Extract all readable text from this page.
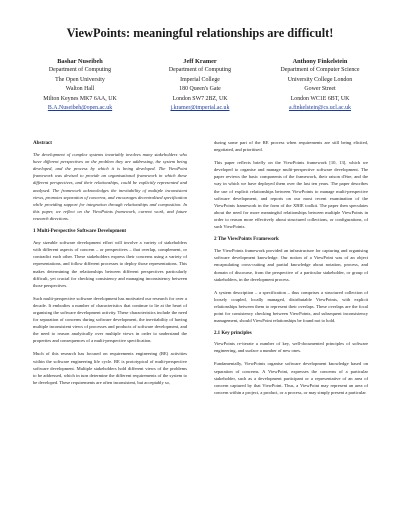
ViewPoints: meaningful relationships are difficult!
Bashar Nuseibeh
Department of Computing
The Open University
Walton Hall
Milton Keynes MK7 6AA, UK
B.A.Nuseibeh@open.ac.uk
Jeff Kramer
Department of Computing
Imperial College
180 Queen's Gate
London SW7 2BZ, UK
j.kramer@imperial.ac.uk
Anthony Finkelstein
Department of Computer Science
University College London
Gower Street
London WC1E 6BT, UK
a.finkelstein@cs.ucl.ac.uk
Abstract

The development of complex systems invariably involves many stakeholders who have different perspectives on the problem they are addressing, the system being developed, and the process by which it is being developed. The ViewPoint framework was devised to provide an organisational framework in which these different perspectives, and their relationships, could be explicitly represented and analysed. The framework acknowledges the inevitability of multiple inconsistent views, promotes separation of concerns, and encourages decentralised specification while providing support for integration through relationships and composition. In this paper, we reflect on the ViewPoints framework, current work, and future research directions.

1 Multi-Perspective Software Development

Any sizeable software development effort will involve a variety of stakeholders with different aspects of concern – or perspectives – that overlap, complement, or contradict each other. These stakeholders express their concerns using a variety of representations, and follow different processes to deploy those representations. This makes determining the relationships between different perspectives particularly difficult, yet crucial for checking consistency and managing inconsistency between those perspectives.

Such multi-perspective software development has motivated our research for over a decade. It embodies a number of characteristics that continue to lie at the heart of organising the software development activity. These characteristics include the need for separation of concerns during software development, the inevitability of having multiple inconsistent views of processes and products of software development, and the need to reason analytically over multiple views in order to understand the properties and consequences of a multi-perspective specification.

Much of this research has focused on requirements engineering (RE) activities within the software engineering life cycle. RE is prototypical of multi-perspective software development. Multiple stakeholders hold different views of the problems to be addressed, which in turn determine the different requirements of the system to be developed. These requirements are often inconsistent, but acceptably so,

during some part of the RE process when requirements are still being elicited, negotiated, and prioritised.

This paper reflects briefly on the ViewPoints framework [10, 13], which we developed to organise and manage multi-perspective software development. The paper reviews the basic components of the framework, their raison d'être, and the way in which we have deployed them over the last ten years. The paper describes the use of explicit relationships between ViewPoints to manage multi-perspective software development, and reports on our most recent examination of the ViewPoints framework in the form of the XBIE toolkit. The paper then speculates about the need for more meaningful relationships between multiple ViewPoints in order to reason more effectively about structured collections, or configurations, of such ViewPoints.

2 The ViewPoints Framework

The ViewPoints framework provided an infrastructure for capturing and organising software development knowledge. Our notion of a ViewPoint was of an object encapsulating cross-cutting and partial knowledge about notation, process, and domain of discourse, from the perspective of a particular stakeholder, or group of stakeholders, in the development process.

A system description – a specification – thus comprises a structured collection of loosely coupled, locally managed, distributable ViewPoints, with explicit relationships between them to represent their overlaps. These overlaps are the focal point for consistency checking between ViewPoints, and subsequent inconsistency management, should ViewPoint relationships be found not to hold.

2.1 Key principles

ViewPoints re-iterate a number of key, well-documented principles of software engineering, and surface a number of new ones.

Fundamentally, ViewPoints organise software development knowledge based on separation of concerns. A ViewPoint, expresses the concerns of a particular stakeholder, such as a development participant or a representative of an area of concern captured by that ViewPoint. Thus, a ViewPoint may represent an area of concern within a project, a product, or a process, or may simply present a particular
